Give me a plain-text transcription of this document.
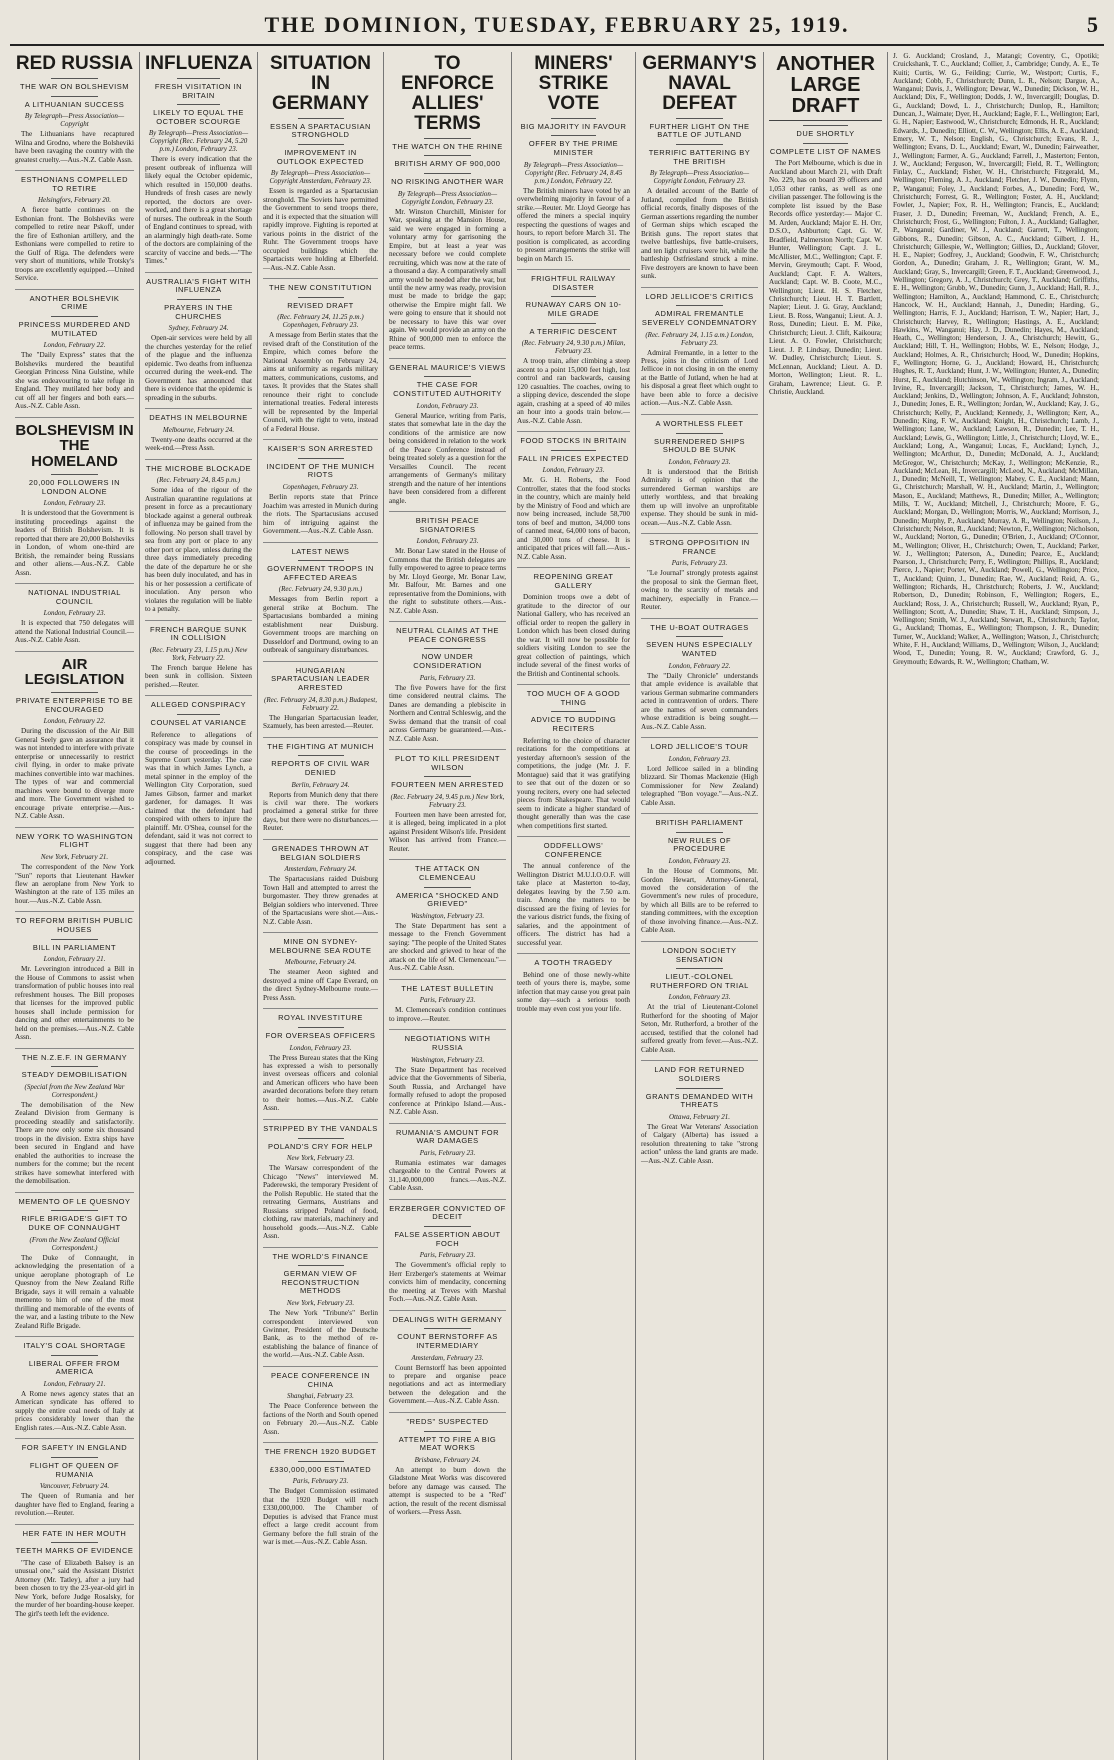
THE DOMINION, TUESDAY, FEBRUARY 25, 1919.	5
RED RUSSIA
THE WAR ON BOLSHEVISM
A LITHUANIAN SUCCESS
By Telegraph—Press Association—Copyright

The Lithuanians have recaptured Wilna and Grodno, where the Bolsheviki have been ravaging the country with the greatest cruelty.—Aus.-N.Z. Cable Assn.

ESTHONIANS COMPELLED TO RETIRE
Helsingfors, February 20.

A fierce battle continues on the Esthonian front. The Bolsheviks were compelled to retire near Pskoff, under the fire of Esthonian artillery, and the Esthonians were compelled to retire to the Gulf of Riga. The defenders were very short of munitions, while Trotsky's troops are excellently equipped.—United Service.

ANOTHER BOLSHEVIK CRIME
PRINCESS MURDERED AND MUTILATED
London, February 22.

The "Daily Express" states that the Bolsheviks murdered the beautiful Georgian Princess Nina Gulstine, while she was endeavouring to take refuge in England. They mutilated her body and cut off all her fingers and both ears.—Aus.-N.Z. Cable Assn.

BOLSHEVISM IN THE HOMELAND
20,000 FOLLOWERS IN LONDON ALONE
London, February 23.

It is understood that the Government is instituting proceedings against the leaders of British Bolshevism. It is reported that there are 20,000 Bolsheviks in London, of whom one-third are British, the remainder being Russians and other aliens.—Aus.-N.Z. Cable Assn.

NATIONAL INDUSTRIAL COUNCIL
London, February 23.

It is expected that 750 delegates will attend the National Industrial Council.—Aus.-N.Z. Cable Assn.

AIR LEGISLATION
PRIVATE ENTERPRISE TO BE ENCOURAGED
London, February 22.

During the discussion of the Air Bill General Seely gave an assurance that it was not intended to interfere with private enterprise or unnecessarily to restrict civil flying, in order to make private machines convertible into war machines. The types of war and commercial machines were bound to diverge more and more. The Government wished to encourage private enterprise.—Aus.-N.Z. Cable Assn.

NEW YORK TO WASHINGTON FLIGHT
New York, February 21.

The correspondent of the New York "Sun" reports that Lieutenant Hawker flew an aeroplane from New York to Washington at the rate of 135 miles an hour.—Aus.-N.Z. Cable Assn.

TO REFORM BRITISH PUBLIC HOUSES
BILL IN PARLIAMENT
London, February 21.

Mr. Leverington introduced a Bill in the House of Commons to assist when transformation of public houses into real refreshment houses. The Bill proposes that licenses for the improved public houses shall include permission for dancing and other entertainments to be held on the premises.—Aus.-N.Z. Cable Assn.

THE N.Z.E.F. IN GERMANY
STEADY DEMOBILISATION
(Special from the New Zealand War Correspondent.)

The demobilisation of the New Zealand Division from Germany is proceeding steadily and satisfactorily. There are now only some six thousand troops in the division. Extra ships have been secured in England and have enabled the authorities to increase the numbers for the comme; but the recent strikes have somewhat interfered with the demobilisation.

MEMENTO OF LE QUESNOY
RIFLE BRIGADE'S GIFT TO DUKE OF CONNAUGHT
(From the New Zealand Official Correspondent.)

The Duke of Connaught, in acknowledging the presentation of a unique aeroplane photograph of Le Quesnoy from the New Zealand Rifle Brigade, says it will remain a valuable memento to him of one of the most thrilling and memorable of the events of the war, and a lasting tribute to the New Zealand Rifle Brigade.

ITALY'S COAL SHORTAGE
LIBERAL OFFER FROM AMERICA
London, February 21.

A Rome news agency states that an American syndicate has offered to supply the entire coal needs of Italy at prices considerably lower than the English rates.—Aus.-N.Z. Cable Assn.

FOR SAFETY IN ENGLAND
FLIGHT OF QUEEN OF RUMANIA
Vancouver, February 24.

The Queen of Rumania and her daughter have fled to England, fearing a revolution.—Reuter.

HER FATE IN HER MOUTH
TEETH MARKS OF EVIDENCE

"The case of Elizabeth Balsey is an unusual one," said the Assistant District Attorney (Mr. Tatley), after a jury had been chosen to try the 23-year-old girl in New York, before Judge Rosalsky, for the murder of her boarding-house keeper. The girl's teeth left the evidence.

INFLUENZA
FRESH VISITATION IN BRITAIN
LIKELY TO EQUAL THE OCTOBER SCOURGE
By Telegraph—Press Association—Copyright (Rec. February 24, 5.20 p.m.) London, February 23.

There is every indication that the present outbreak of influenza will likely equal the October epidemic, which resulted in 150,000 deaths. Hundreds of fresh cases are newly reported, the doctors are over-worked, and there is a great shortage of nurses. The outbreak in the South of England continues to spread, with an alarmingly high death-rate. Some of the doctors are complaining of the scarcity of vaccine and beds.—"The Times."

AUSTRALIA'S FIGHT WITH INFLUENZA
PRAYERS IN THE CHURCHES
Sydney, February 24.

Open-air services were held by all the churches yesterday for the relief of the plague and the influenza epidemic. Two deaths from influenza occurred during the week-end. The Government has announced that there is evidence that the epidemic is spreading in the suburbs.

DEATHS IN MELBOURNE
Melbourne, February 24.

Twenty-one deaths occurred at the week-end.—Press Assn.

THE MICROBE BLOCKADE
(Rec. February 24, 8.45 p.m.)

Some idea of the rigour of the Australian quarantine regulations at present in force as a precautionary blockade against a general outbreak of influenza may be gained from the following. No person shall travel by sea from any port or place to any other port or place, unless during the three days immediately preceding the date of the departure he or she has been duly inoculated, and has in his or her possession a certificate of inoculation. Any person who violates the regulation will be liable to a penalty.

FRENCH BARQUE SUNK IN COLLISION
(Rec. February 23, 1.15 p.m.) New York, February 22.

The French barque Helene has been sunk in collision. Sixteen perished.—Reuter.

ALLEGED CONSPIRACY
COUNSEL AT VARIANCE

Reference to allegations of conspiracy was made by counsel in the course of proceedings in the Supreme Court yesterday. The case was that in which James Lynch, a metal spinner in the employ of the Wellington City Corporation, sued James Gibson, farmer and market gardener, for damages. It was claimed that the defendant had conspired with others to injure the plaintiff. Mr. O'Shea, counsel for the defendant, said it was not correct to suggest that there had been any conspiracy, and the case was adjourned.

SITUATION IN GERMANY
ESSEN A SPARTACUSIAN STRONGHOLD
IMPROVEMENT IN OUTLOOK EXPECTED
By Telegraph—Press Association—Copyright Amsterdam, February 23.

Essen is regarded as a Spartacusian stronghold. The Soviets have permitted the Government to send troops there, and it is expected that the situation will rapidly improve. Fighting is reported at various points in the district of the Ruhr. The Government troops have occupied buildings which the Spartacists were holding at Elberfeld.—Aus.-N.Z. Cable Assn.

THE NEW CONSTITUTION
REVISED DRAFT
(Rec. February 24, 11.25 p.m.) Copenhagen, February 23.

A message from Berlin states that the revised draft of the Constitution of the Empire, which comes before the National Assembly on February 24, aims at uniformity as regards military matters, communications, customs, and taxes. It provides that the States shall renounce their right to conclude international treaties. Federal interests will be represented by the Imperial Council, with the right to veto, instead of a Federal House.

KAISER'S SON ARRESTED
INCIDENT OF THE MUNICH RIOTS
Copenhagen, February 23.

Berlin reports state that Prince Joachim was arrested in Munich during the riots. The Spartacusians accused him of intriguing against the Government.—Aus.-N.Z. Cable Assn.

LATEST NEWS
GOVERNMENT TROOPS IN AFFECTED AREAS
(Rec. February 24, 9.30 p.m.)

Messages from Berlin report a general strike at Bochum. The Spartacusians bombarded a mining establishment near Duisburg. Government troops are marching on Dusseldorf and Dortmund, owing to an outbreak of sanguinary disturbances.

HUNGARIAN SPARTACUSIAN LEADER ARRESTED
(Rec. February 24, 8.30 p.m.) Budapest, February 22.

The Hungarian Spartacusian leader, Szamuely, has been arrested.—Reuter.

THE FIGHTING AT MUNICH
REPORTS OF CIVIL WAR DENIED
Berlin, February 24.

Reports from Munich deny that there is civil war there. The workers proclaimed a general strike for three days, but there were no disturbances.—Reuter.

GRENADES THROWN AT BELGIAN SOLDIERS
Amsterdam, February 24.

The Spartacusians raided Duisburg Town Hall and attempted to arrest the burgomaster. They threw grenades at Belgian soldiers who intervened. Three of the Spartacusians were shot.—Aus.-N.Z. Cable Assn.

MINE ON SYDNEY-MELBOURNE SEA ROUTE
Melbourne, February 24.

The steamer Aeon sighted and destroyed a mine off Cape Everard, on the direct Sydney-Melbourne route.—Press Assn.

ROYAL INVESTITURE
FOR OVERSEAS OFFICERS
London, February 23.

The Press Bureau states that the King has expressed a wish to personally invest overseas officers and colonial and American officers who have been awarded decorations before they return to their homes.—Aus.-N.Z. Cable Assn.

STRIPPED BY THE VANDALS
POLAND'S CRY FOR HELP
New York, February 23.

The Warsaw correspondent of the Chicago "News" interviewed M. Paderewski, the temporary President of the Polish Republic. He stated that the retreating Germans, Austrians and Russians stripped Poland of food, clothing, raw materials, machinery and household goods.—Aus.-N.Z. Cable Assn.

THE WORLD'S FINANCE
GERMAN VIEW OF RECONSTRUCTION METHODS
New York, February 23.

The New York "Tribune's" Berlin correspondent interviewed von Gwinner, President of the Deutsche Bank, as to the method of re-establishing the balance of finance of the world.—Aus.-N.Z. Cable Assn.

PEACE CONFERENCE IN CHINA
Shanghai, February 23.

The Peace Conference between the factions of the North and South opened on February 20.—Aus.-N.Z. Cable Assn.

THE FRENCH 1920 BUDGET
£330,000,000 ESTIMATED
Paris, February 23.

The Budget Commission estimated that the 1920 Budget will reach £330,000,000. The Chamber of Deputies is advised that France must effect a large credit account from Germany before the full strain of the war is met.—Aus.-N.Z. Cable Assn.

TO ENFORCE ALLIES' TERMS
THE WATCH ON THE RHINE
BRITISH ARMY OF 900,000
NO RISKING ANOTHER WAR
By Telegraph—Press Association—Copyright London, February 23.

Mr. Winston Churchill, Minister for War, speaking at the Mansion House, said we were engaged in forming a voluntary army for garrisoning the Empire, but at least a year was necessary before we could complete recruiting, which was now at the rate of a thousand a day. A comparatively small army would be needed after the war, but until the new army was ready, provision must be made to bridge the gap; otherwise the Empire might fall. We were going to ensure that it should not be necessary to have this war over again. We would provide an army on the Rhine of 900,000 men to enforce the peace terms.

GENERAL MAURICE'S VIEWS
THE CASE FOR CONSTITUTED AUTHORITY
London, February 23.

General Maurice, writing from Paris, states that somewhat late in the day the conditions of the armistice are now being considered in relation to the work of the Peace Conference instead of being treated solely as a question for the Versailles Council. The recent arrangements of Germany's military strength and the nature of her intentions have been considered from a different angle.

BRITISH PEACE SIGNATORIES
London, February 23.

Mr. Bonar Law stated in the House of Commons that the British delegates are fully empowered to agree to peace terms by Mr. Lloyd George, Mr. Bonar Law, Mr. Balfour, Mr. Barnes and one representative from the Dominions, with the right to substitute others.—Aus.-N.Z. Cable Assn.

NEUTRAL CLAIMS AT THE PEACE CONGRESS
NOW UNDER CONSIDERATION
Paris, February 23.

The five Powers have for the first time considered neutral claims. The Danes are demanding a plebiscite in Northern and Central Schleswig, and the Swiss demand that the transit of coal across Germany be guaranteed.—Aus.-N.Z. Cable Assn.

PLOT TO KILL PRESIDENT WILSON
FOURTEEN MEN ARRESTED
(Rec. February 24, 9.45 p.m.) New York, February 23.

Fourteen men have been arrested for, it is alleged, being implicated in a plot against President Wilson's life. President Wilson has arrived from France.—Reuter.

THE ATTACK ON CLEMENCEAU
AMERICA "SHOCKED AND GRIEVED"
Washington, February 23.

The State Department has sent a message to the French Government saying: "The people of the United States are shocked and grieved to hear of the attack on the life of M. Clemenceau."—Aus.-N.Z. Cable Assn.

THE LATEST BULLETIN
Paris, February 23.

M. Clemenceau's condition continues to improve.—Reuter.

NEGOTIATIONS WITH RUSSIA
Washington, February 23.

The State Department has received advice that the Governments of Siberia, South Russia, and Archangel have formally refused to adopt the proposed conference at Prinkipo Island.—Aus.-N.Z. Cable Assn.

RUMANIA'S AMOUNT FOR WAR DAMAGES
Paris, February 23.

Rumania estimates war damages chargeable to the Central Powers at 31,140,000,000 francs.—Aus.-N.Z. Cable Assn.

ERZBERGER CONVICTED OF DECEIT
FALSE ASSERTION ABOUT FOCH
Paris, February 23.

The Government's official reply to Herr Erzberger's statements at Weimar convicts him of mendacity, concerning the meeting at Treves with Marshal Foch.—Aus.-N.Z. Cable Assn.

DEALINGS WITH GERMANY
COUNT BERNSTORFF AS INTERMEDIARY
Amsterdam, February 23.

Count Bernstorff has been appointed to prepare and organise peace negotiations and act as intermediary between the delegation and the Government.—Aus.-N.Z. Cable Assn.

"REDS" SUSPECTED
ATTEMPT TO FIRE A BIG MEAT WORKS
Brisbane, February 24.

An attempt to burn down the Gladstone Meat Works was discovered before any damage was caused. The attempt is suspected to be a "Red" action, the result of the recent dismissal of workers.—Press Assn.

MINERS' STRIKE VOTE
BIG MAJORITY IN FAVOUR
OFFER BY THE PRIME MINISTER
By Telegraph—Press Association—Copyright (Rec. February 24, 8.45 p.m.) London, February 22.

The British miners have voted by an overwhelming majority in favour of a strike.—Reuter. Mr. Lloyd George has offered the miners a special inquiry respecting the questions of wages and hours, to report before March 31. The position is complicated, as according to present arrangements the strike will begin on March 15.

FRIGHTFUL RAILWAY DISASTER
RUNAWAY CARS ON 10-MILE GRADE
A TERRIFIC DESCENT
(Rec. February 24, 9.30 p.m.) Milan, February 23.

A troop train, after climbing a steep ascent to a point 15,000 feet high, lost control and ran backwards, causing 120 casualties. The coaches, owing to a slipping device, descended the slope again, crashing at a speed of 40 miles an hour into a goods train below.—Aus.-N.Z. Cable Assn.

FOOD STOCKS IN BRITAIN
FALL IN PRICES EXPECTED
London, February 23.

Mr. G. H. Roberts, the Food Controller, states that the food stocks in the country, which are mainly held by the Ministry of Food and which are now being increased, include 58,700 tons of beef and mutton, 34,000 tons of canned meat, 64,000 tons of bacon, and 30,000 tons of cheese. It is anticipated that prices will fall.—Aus.-N.Z. Cable Assn.

REOPENING GREAT GALLERY

Dominion troops owe a debt of gratitude to the director of our National Gallery, who has received an official order to reopen the gallery in London which has been closed during the war. It will now be possible for soldiers visiting London to see the great collection of paintings, which include several of the finest works of the British and Continental schools.

TOO MUCH OF A GOOD THING
ADVICE TO BUDDING RECITERS

Referring to the choice of character recitations for the competitions at yesterday afternoon's session of the competitions, the judge (Mr. J. F. Montague) said that it was gratifying to see that out of the dozen or so young reciters, every one had selected pieces from Shakespeare. That would seem to indicate a higher standard of thought generally than was the case when competitions first started.

ODDFELLOWS' CONFERENCE

The annual conference of the Wellington District M.U.I.O.O.F. will take place at Masterton to-day, delegates leaving by the 7.50 a.m. train. Among the matters to be discussed are the fixing of levies for the various district funds, the fixing of salaries, and the appointment of officers. The district has had a successful year.

A TOOTH TRAGEDY

Behind one of those newly-white teeth of yours there is, maybe, some infection that may cause you great pain some day—such a serious tooth trouble may even cost you your life.

GERMANY'S NAVAL DEFEAT
FURTHER LIGHT ON THE BATTLE OF JUTLAND
TERRIFIC BATTERING BY THE BRITISH
By Telegraph—Press Association—Copyright London, February 23.

A detailed account of the Battle of Jutland, compiled from the British official records, finally disposes of the German assertions regarding the number of German ships which escaped the British guns. The report states that twelve battleships, five battle-cruisers, and ten light cruisers were hit, while the battleship Ostfriesland struck a mine. Five destroyers are known to have been sunk.

LORD JELLICOE'S CRITICS
ADMIRAL FREMANTLE SEVERELY CONDEMNATORY
(Rec. February 24, 1.15 a.m.) London, February 23.

Admiral Fremantle, in a letter to the Press, joins in the criticism of Lord Jellicoe in not closing in on the enemy at the Battle of Jutland, when he had at his disposal a great fleet which ought to have been able to force a decisive action.—Aus.-N.Z. Cable Assn.

A WORTHLESS FLEET
SURRENDERED SHIPS SHOULD BE SUNK
London, February 23.

It is understood that the British Admiralty is of opinion that the surrendered German warships are utterly worthless, and that breaking them up will involve an unprofitable expense. They should be sunk in mid-ocean.—Aus.-N.Z. Cable Assn.

STRONG OPPOSITION IN FRANCE
Paris, February 23.

"Le Journal" strongly protests against the proposal to sink the German fleet, owing to the scarcity of metals and machinery, especially in France.—Reuter.

THE U-BOAT OUTRAGES
SEVEN HUNS ESPECIALLY WANTED
London, February 22.

The "Daily Chronicle" understands that ample evidence is available that various German submarine commanders acted in contravention of orders. There are the names of seven commanders whose extradition is being sought.—Aus.-N.Z. Cable Assn.

LORD JELLICOE'S TOUR
London, February 23.

Lord Jellicoe sailed in a blinding blizzard. Sir Thomas Mackenzie (High Commissioner for New Zealand) telegraphed "Bon voyage."—Aus.-N.Z. Cable Assn.

BRITISH PARLIAMENT
NEW RULES OF PROCEDURE
London, February 23.

In the House of Commons, Mr. Gordon Hewart, Attorney-General, moved the consideration of the Government's new rules of procedure, by which all Bills are to be referred to standing committees, with the exception of those involving finance.—Aus.-N.Z. Cable Assn.

LONDON SOCIETY SENSATION
LIEUT.-COLONEL RUTHERFORD ON TRIAL
London, February 23.

At the trial of Lieutenant-Colonel Rutherford for the shooting of Major Seton, Mr. Rutherford, a brother of the accused, testified that the colonel had suffered greatly from fever.—Aus.-N.Z. Cable Assn.

LAND FOR RETURNED SOLDIERS
GRANTS DEMANDED WITH THREATS
Ottawa, February 21.

The Great War Veterans' Association of Calgary (Alberta) has issued a resolution threatening to take "strong action" unless the land grants are made.—Aus.-N.Z. Cable Assn.

ANOTHER LARGE DRAFT
DUE SHORTLY
COMPLETE LIST OF NAMES

The Port Melbourne, which is due in Auckland about March 21, with Draft No. 229, has on board 39 officers and 1,053 other ranks, as well as one civilian passenger. The following is the complete list issued by the Base Records office yesterday:— Major C. M. Arden, Auckland; Major E. H. Orr, D.S.O., Ashburton; Capt. G. W. Bradfield, Palmerston North; Capt. W. Hunter, Wellington; Capt. J. L. McAllister, M.C., Wellington; Capt. F. Mervin, Greymouth; Capt. F. Wood, Auckland; Capt. F. A. Walters, Auckland; Capt. W. B. Coote, M.C., Wellington; Lieut. H. S. Fletcher, Christchurch; Lieut. H. T. Bartlett, Napier; Lieut. J. G. Gray, Auckland; Lieut. B. Ross, Wanganui; Lieut. A. J. Ross, Dunedin; Lieut. E. M. Pike, Christchurch; Lieut. J. Clift, Kaikoura; Lieut. A. O. Fowler, Christchurch; Lieut. J. P. Lindsay, Dunedin; Lieut. W. Dudley, Christchurch; Lieut. S. McLennan, Auckland; Lieut. A. D. Morton, Wellington; Lieut. R. L. Graham, Lawrence; Lieut. G. P. Christie, Auckland.

J. G. Auckland; Crosland, J., Matangi; Coventry, C., Opotiki; Cruickshank, T. C., Auckland; Collier, J., Cambridge; Cundy, A. E., Te Kuiti; Curtis, W. G., Feilding; Currie, W., Westport; Curtis, F., Auckland; Cobb, F., Christchurch; Dunn, L. R., Nelson; Dargue, A., Wanganui; Davis, J., Wellington; Dewar, W., Dunedin; Dickson, W. H., Auckland; Dix, F., Wellington; Dodds, J. W., Invercargill; Douglas, D. G., Auckland; Dowd, L. J., Christchurch; Dunlop, R., Hamilton; Duncan, J., Waimate; Dyer, H., Auckland; Eagle, F. L., Wellington; Earl, G. H., Napier; Eastwood, W., Christchurch; Edmonds, H. R., Auckland; Edwards, J., Dunedin; Elliott, C. W., Wellington; Ellis, A. E., Auckland; Emery, W. T., Nelson; English, G., Christchurch; Evans, R. J., Wellington; Evans, D. L., Auckland; Ewart, W., Dunedin; Fairweather, J., Wellington; Farmer, A. G., Auckland; Farrell, J., Masterton; Fenton, J. W., Auckland; Ferguson, W., Invercargill; Field, R. T., Wellington; Finlay, C., Auckland; Fisher, W. H., Christchurch; Fitzgerald, M., Wellington; Fleming, A. J., Auckland; Fletcher, J. W., Dunedin; Flynn, P., Wanganui; Foley, J., Auckland; Forbes, A., Dunedin; Ford, W., Christchurch; Forrest, G. R., Wellington; Foster, A. H., Auckland; Fowler, J., Napier; Fox, R. H., Wellington; Francis, E., Auckland; Fraser, J. D., Dunedin; Freeman, W., Auckland; French, A. E., Christchurch; Frost, G., Wellington; Fulton, J. A., Auckland; Gallagher, P., Wanganui; Gardiner, W. J., Auckland; Garrett, T., Wellington; Gibbons, R., Dunedin; Gibson, A. C., Auckland; Gilbert, J. H., Christchurch; Gillespie, W., Wellington; Gillies, D., Auckland; Glover, H. E., Napier; Godfrey, J., Auckland; Goodwin, F. W., Christchurch; Gordon, A., Dunedin; Graham, J. R., Wellington; Grant, W. M., Auckland; Gray, S., Invercargill; Green, F. T., Auckland; Greenwood, J., Wellington; Gregory, A. J., Christchurch; Grey, T., Auckland; Griffiths, E. H., Wellington; Grubb, W., Dunedin; Gunn, J., Auckland; Hall, R. J., Wellington; Hamilton, A., Auckland; Hammond, C. E., Christchurch; Hancock, W. H., Auckland; Hannah, J., Dunedin; Harding, G., Wellington; Harris, F. J., Auckland; Harrison, T. W., Napier; Hart, J., Christchurch; Harvey, R., Wellington; Hastings, A. E., Auckland; Hawkins, W., Wanganui; Hay, J. D., Dunedin; Hayes, M., Auckland; Heath, C., Wellington; Henderson, J. A., Christchurch; Hewitt, G., Auckland; Hill, T. H., Wellington; Hobbs, W. E., Nelson; Hodge, J., Auckland; Holmes, A. R., Christchurch; Hood, W., Dunedin; Hopkins, F., Wellington; Horne, G. J., Auckland; Howard, H., Christchurch; Hughes, R. T., Auckland; Hunt, J. W., Wellington; Hunter, A., Dunedin; Hurst, E., Auckland; Hutchinson, W., Wellington; Ingram, J., Auckland; Irvine, R., Invercargill; Jackson, T., Christchurch; James, W. H., Auckland; Jenkins, D., Wellington; Johnson, A. F., Auckland; Johnston, J., Dunedin; Jones, E. R., Wellington; Jordan, W., Auckland; Kay, J. G., Christchurch; Kelly, P., Auckland; Kennedy, J., Wellington; Kerr, A., Dunedin; King, F. W., Auckland; Knight, H., Christchurch; Lamb, J., Wellington; Lane, W., Auckland; Lawson, R., Dunedin; Lee, T. H., Auckland; Lewis, G., Wellington; Little, J., Christchurch; Lloyd, W. E., Auckland; Long, A., Wanganui; Lucas, F., Auckland; Lynch, J., Wellington; McArthur, D., Dunedin; McDonald, A. J., Auckland; McGregor, W., Christchurch; McKay, J., Wellington; McKenzie, R., Auckland; McLean, H., Invercargill; McLeod, N., Auckland; McMillan, J., Dunedin; McNeill, T., Wellington; Mabey, C. E., Auckland; Mann, G., Christchurch; Marshall, W. H., Auckland; Martin, J., Wellington; Mason, E., Auckland; Matthews, R., Dunedin; Miller, A., Wellington; Mills, T. W., Auckland; Mitchell, J., Christchurch; Moore, F. G., Auckland; Morgan, D., Wellington; Morris, W., Auckland; Morrison, J., Dunedin; Murphy, P., Auckland; Murray, A. R., Wellington; Neilson, J., Christchurch; Nelson, R., Auckland; Newton, F., Wellington; Nicholson, W., Auckland; Norton, G., Dunedin; O'Brien, J., Auckland; O'Connor, M., Wellington; Oliver, H., Christchurch; Owen, T., Auckland; Parker, W. J., Wellington; Paterson, A., Dunedin; Pearce, E., Auckland; Pearson, J., Christchurch; Perry, F., Wellington; Phillips, R., Auckland; Pierce, J., Napier; Porter, W., Auckland; Powell, G., Wellington; Price, T., Auckland; Quinn, J., Dunedin; Rae, W., Auckland; Reid, A. G., Wellington; Richards, H., Christchurch; Roberts, J. W., Auckland; Robertson, D., Dunedin; Robinson, F., Wellington; Rogers, E., Auckland; Ross, J. A., Christchurch; Russell, W., Auckland; Ryan, P., Wellington; Scott, A., Dunedin; Shaw, T. H., Auckland; Simpson, J., Wellington; Smith, W. J., Auckland; Stewart, R., Christchurch; Taylor, G., Auckland; Thomas, E., Wellington; Thompson, J. R., Dunedin; Turner, W., Auckland; Walker, A., Wellington; Watson, J., Christchurch; White, F. H., Auckland; Williams, D., Wellington; Wilson, J., Auckland; Wood, T., Dunedin; Young, R. W., Auckland; Crawford, G. J., Greymouth; Edwards, R. W., Wellington; Chatham, W.
